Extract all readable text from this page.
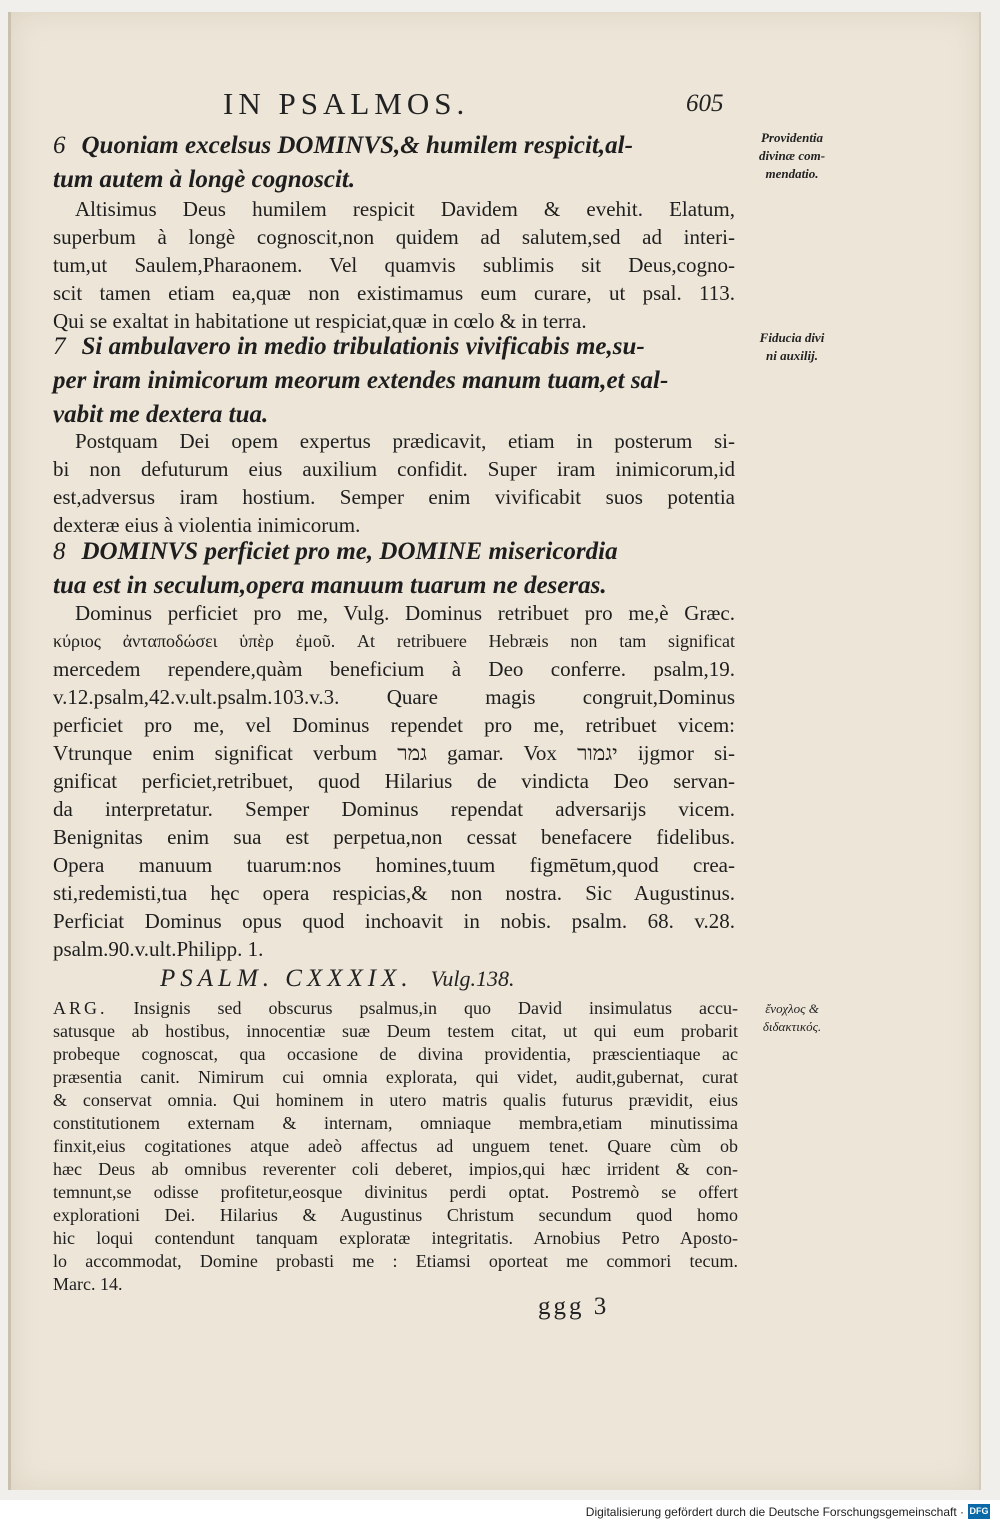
IN PSALMOS.	605
6 Quoniam excelsus DOMINVS,& humilem respicit,al-
tum autem à longè cognoscit.
Providentia
divinæ com-
mendatio.
Altisimus Deus humilem respicit Davidem & evehit. Elatum,
superbum à longè cognoscit,non quidem ad salutem,sed ad interi-
tum,ut Saulem,Pharaonem. Vel quamvis sublimis sit Deus,cogno-
scit tamen etiam ea,quæ non existimamus eum curare, ut psal. 113.
Qui se exaltat in habitatione ut respiciat,quæ in cœlo & in terra.
7 Si ambulavero in medio tribulationis vivificabis me,su-
per iram inimicorum meorum extendes manum tuam,et sal-
vabit me dextera tua.
Fiducia divi
ni auxilij.
Postquam Dei opem expertus prædicavit, etiam in posterum si-
bi non defuturum eius auxilium confidit. Super iram inimicorum,id
est,adversus iram hostium. Semper enim vivificabit suos potentia
dexteræ eius à violentia inimicorum.
8 DOMINVS perficiet pro me, DOMINE misericordia
tua est in seculum,opera manuum tuarum ne deseras.
Dominus perficiet pro me, Vulg. Dominus retribuet pro me,è Græc.
κύριος ἀνταποδώσει ὑπὲρ ἐμοῦ. At retribuere Hebræis non tam significat
mercedem rependere,quàm beneficium à Deo conferre. psalm,19.
v.12.psalm,42.v.ult.psalm.103.v.3. Quare magis congruit,Dominus
perficiet pro me, vel Dominus rependet pro me, retribuet vicem:
Vtrunque enim significat verbum גמר gamar. Vox יגמור ijgmor si-
gnificat perficiet,retribuet, quod Hilarius de vindicta Deo servan-
da interpretatur. Semper Dominus rependat adversarijs vicem.
Benignitas enim sua est perpetua,non cessat benefacere fidelibus.
Opera manuum tuarum:nos homines,tuum figmētum,quod crea-
sti,redemisti,tua hęc opera respicias,& non nostra. Sic Augustinus.
Perficiat Dominus opus quod inchoavit in nobis. psalm. 68. v.28.
psalm.90.v.ult.Philipp. 1.
PSALM. CXXXIX. Vulg.138.
ἔνοχλος &
διδακτικός.
ARG. Insignis sed obscurus psalmus,in quo David insimulatus accu-
satusque ab hostibus, innocentiæ suæ Deum testem citat, ut qui eum probarit
probeque cognoscat, qua occasione de divina providentia, præscientiaque ac
præsentia canit. Nimirum cui omnia explorata, qui videt, audit,gubernat, curat
& conservat omnia. Qui hominem in utero matris qualis futurus prævidit, eius
constitutionem externam & internam, omniaque membra,etiam minutissima
finxit,eius cogitationes atque adeò affectus ad unguem tenet. Quare cùm ob
hæc Deus ab omnibus reverenter coli deberet, impios,qui hæc irrident & con-
temnunt,se odisse profitetur,eosque divinitus perdi optat. Postremò se offert
explorationi Dei. Hilarius & Augustinus Christum secundum quod homo
hic loqui contendunt tanquam exploratæ integritatis. Arnobius Petro Aposto-
lo accommodat, Domine probasti me : Etiamsi oporteat me commori tecum.
Marc. 14.
ggg 3
Digitalisierung gefördert durch die Deutsche Forschungsgemeinschaft · DFG
